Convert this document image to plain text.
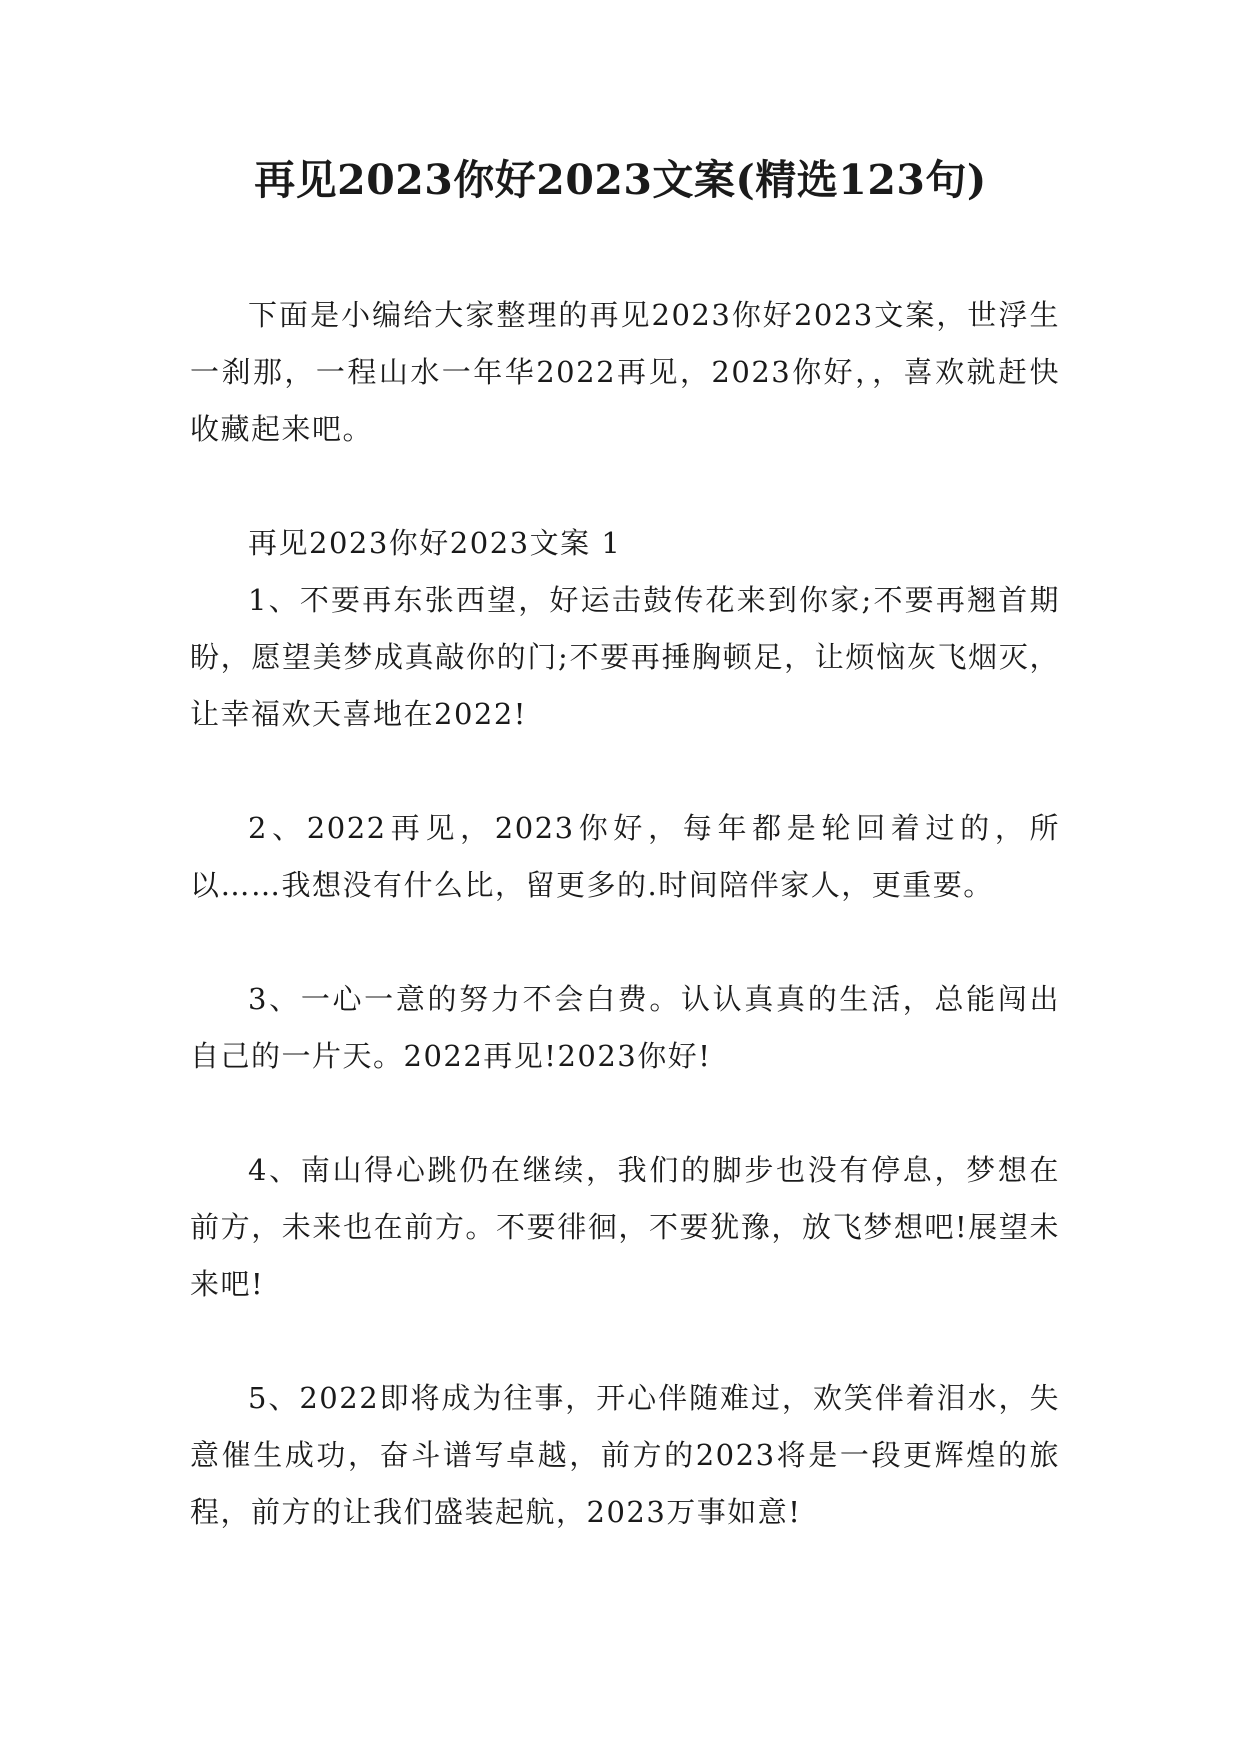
再见2023你好2023文案(精选123句)

下面是小编给大家整理的再见2023你好2023文案，世浮生一刹那，一程山水一年华2022再见，2023你好，，喜欢就赶快收藏起来吧。

再见2023你好2023文案 1

1、不要再东张西望，好运击鼓传花来到你家;不要再翘首期盼，愿望美梦成真敲你的门;不要再捶胸顿足，让烦恼灰飞烟灭，让幸福欢天喜地在2022!

2、2022再见，2023你好，每年都是轮回着过的，所以……我想没有什么比，留更多的.时间陪伴家人，更重要。

3、一心一意的努力不会白费。认认真真的生活，总能闯出自己的一片天。2022再见!2023你好!

4、南山得心跳仍在继续，我们的脚步也没有停息，梦想在前方，未来也在前方。不要徘徊，不要犹豫，放飞梦想吧!展望未来吧!

5、2022即将成为往事，开心伴随难过，欢笑伴着泪水，失意催生成功，奋斗谱写卓越，前方的2023将是一段更辉煌的旅程，前方的让我们盛装起航，2023万事如意!
